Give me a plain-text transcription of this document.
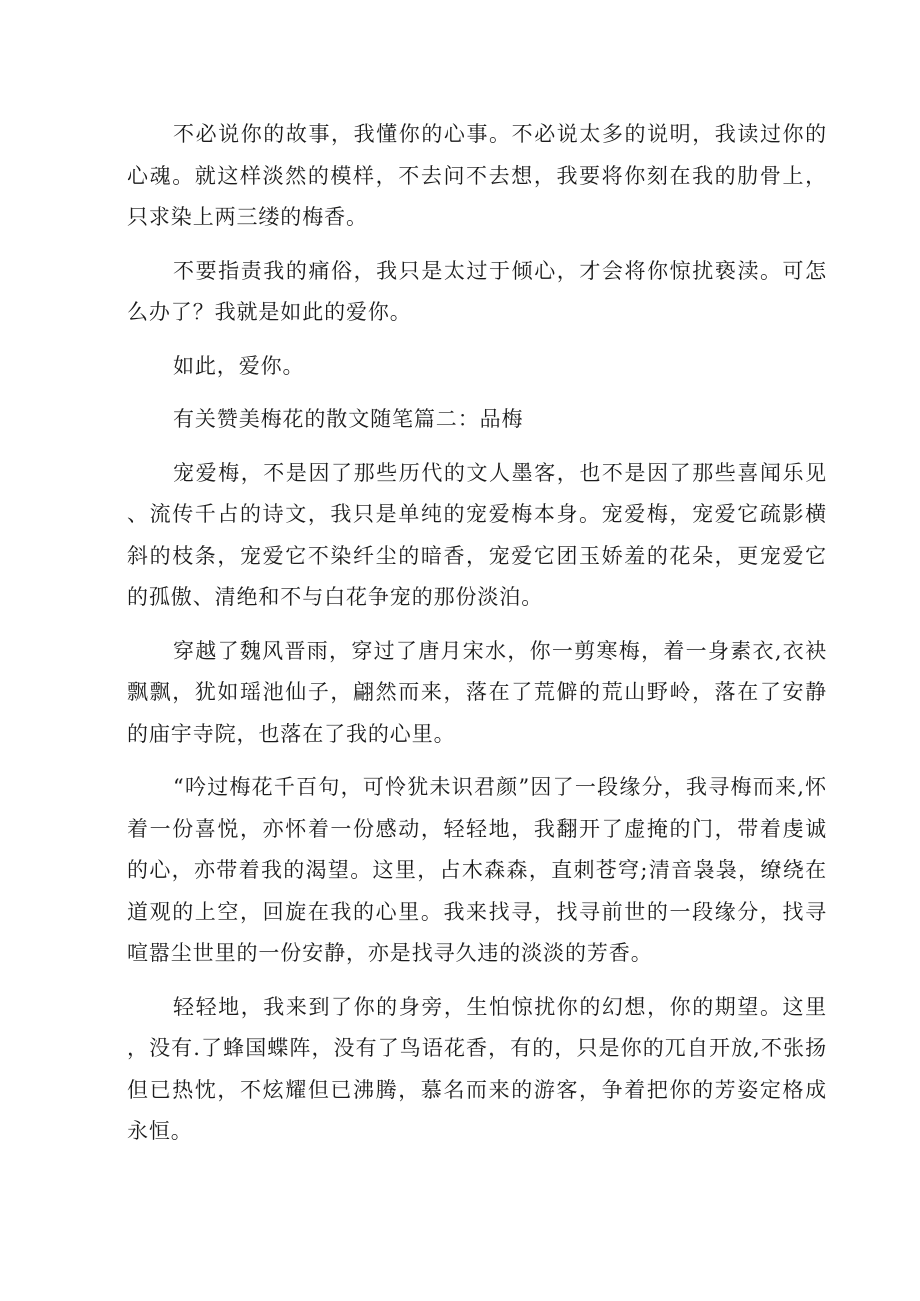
不必说你的故事，我懂你的心事。不必说太多的说明，我读过你的心魂。就这样淡然的模样，不去问不去想，我要将你刻在我的肋骨上，只求染上两三缕的梅香。

不要指责我的痛俗，我只是太过于倾心，才会将你惊扰亵渎。可怎么办了？我就是如此的爱你。

如此，爱你。

有关赞美梅花的散文随笔篇二：品梅

宠爱梅，不是因了那些历代的文人墨客，也不是因了那些喜闻乐见、流传千占的诗文，我只是单纯的宠爱梅本身。宠爱梅，宠爱它疏影横斜的枝条，宠爱它不染纤尘的暗香，宠爱它团玉娇羞的花朵，更宠爱它的孤傲、清绝和不与白花争宠的那份淡泊。

穿越了魏风晋雨，穿过了唐月宋水，你一剪寒梅，着一身素衣,衣袂飘飘，犹如瑶池仙子，翩然而来，落在了荒僻的荒山野岭，落在了安静的庙宇寺院，也落在了我的心里。

“吟过梅花千百句，可怜犹未识君颜”因了一段缘分，我寻梅而来,怀着一份喜悦，亦怀着一份感动，轻轻地，我翻开了虚掩的门，带着虔诚的心，亦带着我的渴望。这里，占木森森，直刺苍穹;清音袅袅，缭绕在道观的上空，回旋在我的心里。我来找寻，找寻前世的一段缘分，找寻喧嚣尘世里的一份安静，亦是找寻久违的淡淡的芳香。

轻轻地，我来到了你的身旁，生怕惊扰你的幻想，你的期望。这里，没有.了蜂国蝶阵，没有了鸟语花香，有的，只是你的兀自开放,不张扬但已热忱，不炫耀但已沸腾，慕名而来的游客，争着把你的芳姿定格成永恒。
